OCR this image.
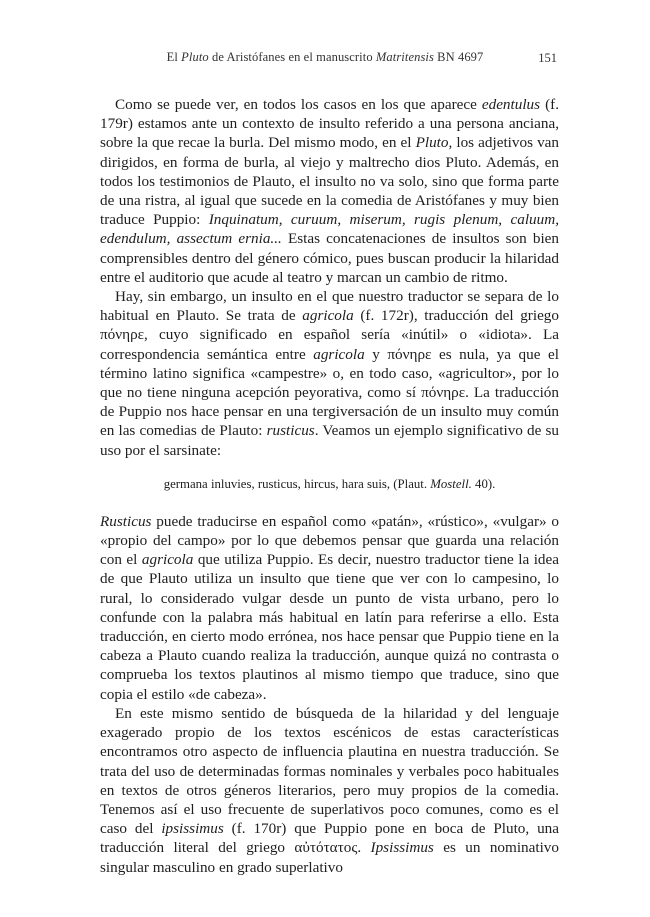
El Pluto de Aristófanes en el manuscrito Matritensis BN 4697	151

Como se puede ver, en todos los casos en los que aparece edentulus (f. 179r) estamos ante un contexto de insulto referido a una persona anciana, sobre la que recae la burla. Del mismo modo, en el Pluto, los adjetivos van dirigidos, en forma de burla, al viejo y maltrecho dios Pluto. Además, en todos los testimonios de Plauto, el insulto no va solo, sino que forma parte de una ristra, al igual que sucede en la comedia de Aristófanes y muy bien traduce Puppio: Inquinatum, curuum, miserum, rugis plenum, caluum, edendulum, assectum ernia... Estas concatenaciones de insultos son bien comprensibles dentro del género cómico, pues buscan producir la hilaridad entre el auditorio que acude al teatro y marcan un cambio de ritmo.

Hay, sin embargo, un insulto en el que nuestro traductor se separa de lo habitual en Plauto. Se trata de agricola (f. 172r), traducción del griego πόνηρε, cuyo significado en español sería «inútil» o «idiota». La correspondencia semántica entre agricola y πόνηρε es nula, ya que el término latino significa «campestre» o, en todo caso, «agricultor», por lo que no tiene ninguna acepción peyorativa, como sí πόνηρε. La traducción de Puppio nos hace pensar en una tergiversación de un insulto muy común en las comedias de Plauto: rusticus. Veamos un ejemplo significativo de su uso por el sarsinate:

germana inluvies, rusticus, hircus, hara suis, (Plaut. Mostell. 40).

Rusticus puede traducirse en español como «patán», «rústico», «vulgar» o «propio del campo» por lo que debemos pensar que guarda una relación con el agricola que utiliza Puppio. Es decir, nuestro traductor tiene la idea de que Plauto utiliza un insulto que tiene que ver con lo campesino, lo rural, lo considerado vulgar desde un punto de vista urbano, pero lo confunde con la palabra más habitual en latín para referirse a ello. Esta traducción, en cierto modo errónea, nos hace pensar que Puppio tiene en la cabeza a Plauto cuando realiza la traducción, aunque quizá no contrasta o comprueba los textos plautinos al mismo tiempo que traduce, sino que copia el estilo «de cabeza».

En este mismo sentido de búsqueda de la hilaridad y del lenguaje exagerado propio de los textos escénicos de estas características encontramos otro aspecto de influencia plautina en nuestra traducción. Se trata del uso de determinadas formas nominales y verbales poco habituales en textos de otros géneros literarios, pero muy propios de la comedia. Tenemos así el uso frecuente de superlativos poco comunes, como es el caso del ipsissimus (f. 170r) que Puppio pone en boca de Pluto, una traducción literal del griego αὐτότατος. Ipsissimus es un nominativo singular masculino en grado superlativo
